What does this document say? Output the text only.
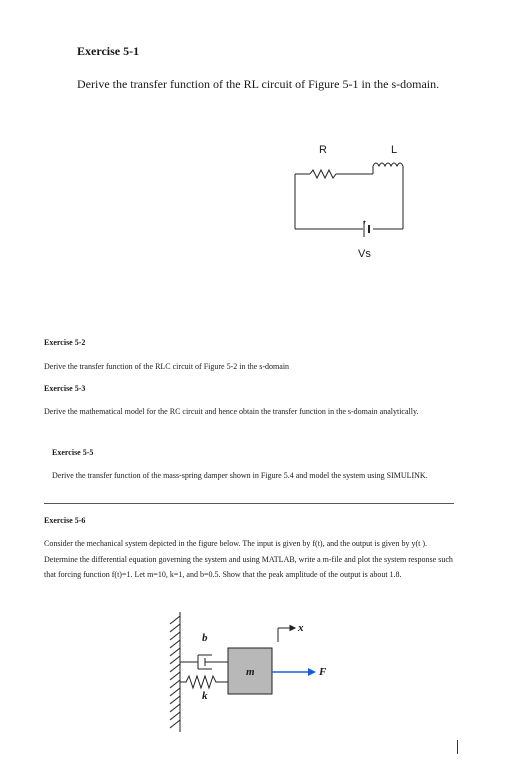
Exercise 5-1
Derive the transfer function of the RL circuit of Figure 5-1 in the s-domain.
+
R	L
Vs
Exercise 5-2
Derive the transfer function of the RLC circuit of Figure 5-2 in the s-domain
Exercise 5-3
Derive the mathematical model for the RC circuit and hence obtain the transfer function in the s-domain analytically.
Exercise 5-5
Derive the transfer function of the mass-spring damper shown in Figure 5.4 and model the system using SIMULINK.
Exercise 5-6
Consider the mechanical system depicted in the figure below. The input is given by f(t), and the output is given by y(t ). Determine the differential equation governing the system and using MATLAB, write a m-file and plot the system response such that forcing function f(t)=1. Let m=10, k=1, and b=0.5. Show that the peak amplitude of the output is about 1.8.
b
k
m
x
F
